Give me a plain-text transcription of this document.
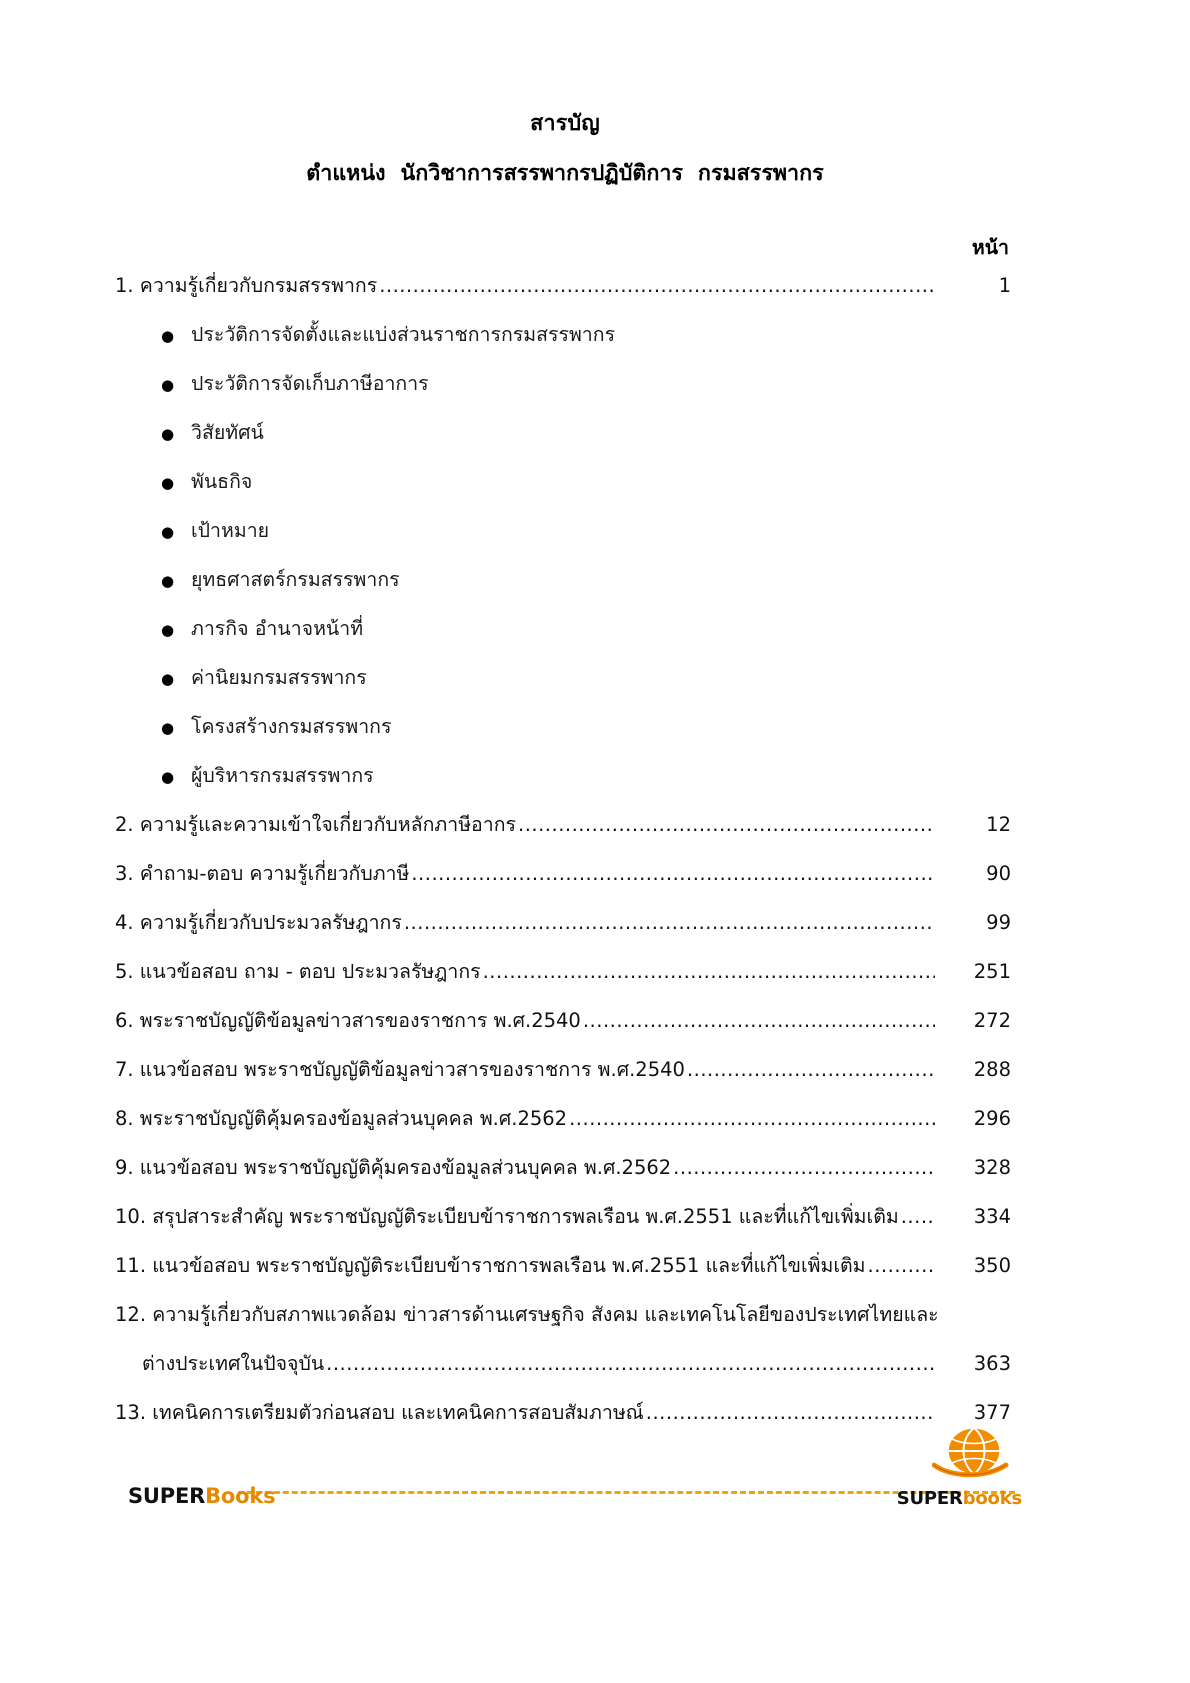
สารบัญ
ตำแหน่ง  นักวิชาการสรรพากรปฏิบัติการ  กรมสรรพากร
หน้า
1. ความรู้เกี่ยวกับกรมสรรพากร .....	1
●
ประวัติการจัดตั้งและแบ่งส่วนราชการกรมสรรพากร
●
ประวัติการจัดเก็บภาษีอาการ
●
วิสัยทัศน์
●
พันธกิจ
●
เป้าหมาย
●
ยุทธศาสตร์กรมสรรพากร
●
ภารกิจ อำนาจหน้าที่
●
ค่านิยมกรมสรรพากร
●
โครงสร้างกรมสรรพากร
●
ผู้บริหารกรมสรรพากร
2. ความรู้และความเข้าใจเกี่ยวกับหลักภาษีอากร .....	12
3. คำถาม-ตอบ ความรู้เกี่ยวกับภาษี .....	90
4. ความรู้เกี่ยวกับประมวลรัษฎากร .....	99
5. แนวข้อสอบ ถาม - ตอบ ประมวลรัษฎากร .....	251
6. พระราชบัญญัติข้อมูลข่าวสารของราชการ พ.ศ.2540 .....	272
7. แนวข้อสอบ พระราชบัญญัติข้อมูลข่าวสารของราชการ พ.ศ.2540 .....	288
8. พระราชบัญญัติคุ้มครองข้อมูลส่วนบุคคล พ.ศ.2562 .....	296
9. แนวข้อสอบ พระราชบัญญัติคุ้มครองข้อมูลส่วนบุคคล พ.ศ.2562 .....	328
10. สรุปสาระสำคัญ พระราชบัญญัติระเบียบข้าราชการพลเรือน พ.ศ.2551 และที่แก้ไขเพิ่มเติม .....	334
11. แนวข้อสอบ พระราชบัญญัติระเบียบข้าราชการพลเรือน พ.ศ.2551 และที่แก้ไขเพิ่มเติม .....	350
12. ความรู้เกี่ยวกับสภาพแวดล้อม ข่าวสารด้านเศรษฐกิจ สังคม และเทคโนโลยีของประเทศไทยและ
ต่างประเทศในปัจจุบัน .....	363
13. เทคนิคการเตรียมตัวก่อนสอบ และเทคนิคการสอบสัมภาษณ์ .....	377
SUPERBooks	SUPERbooks
